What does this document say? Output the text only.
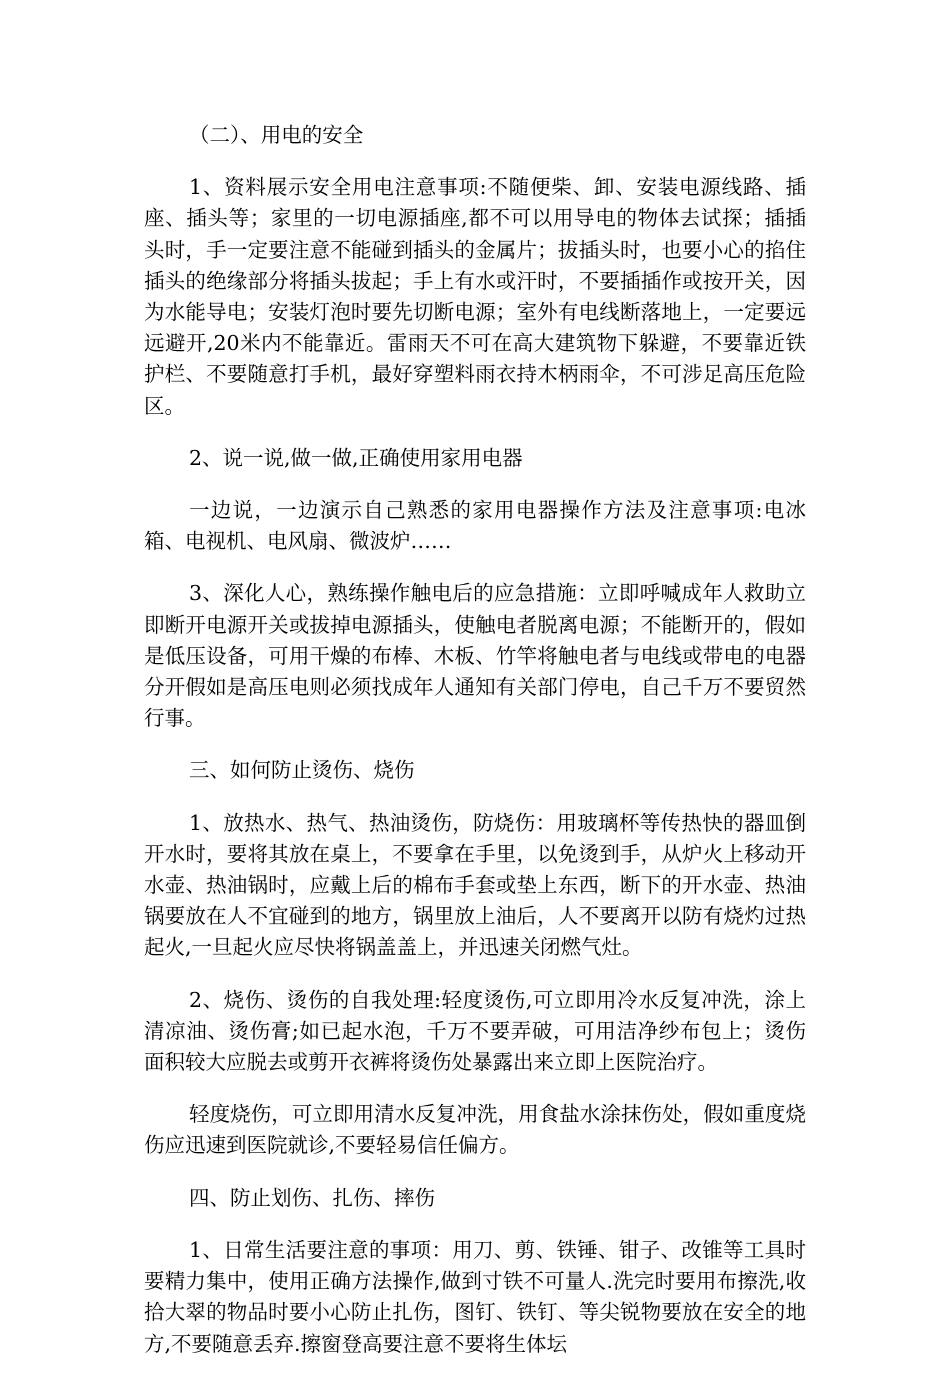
（二）、用电的安全

1、资料展示安全用电注意事项:不随便柴、卸、安装电源线路、插座、插头等；家里的一切电源插座,都不可以用导电的物体去试探；插插头时，手一定要注意不能碰到插头的金属片；拔插头时，也要小心的掐住插头的绝缘部分将插头拔起；手上有水或汗时，不要插插作或按开关，因为水能导电；安装灯泡时要先切断电源；室外有电线断落地上，一定要远远避开,20米内不能靠近。雷雨天不可在高大建筑物下躲避，不要靠近铁护栏、不要随意打手机，最好穿塑料雨衣持木柄雨伞，不可涉足高压危险区。

2、说一说,做一做,正确使用家用电器

一边说，一边演示自己熟悉的家用电器操作方法及注意事项:电冰箱、电视机、电风扇、微波炉……

3、深化人心，熟练操作触电后的应急措施：立即呼喊成年人救助立即断开电源开关或拔掉电源插头，使触电者脱离电源；不能断开的，假如是低压设备，可用干燥的布棒、木板、竹竿将触电者与电线或带电的电器分开假如是高压电则必须找成年人通知有关部门停电，自己千万不要贸然行事。

三、如何防止烫伤、烧伤

1、放热水、热气、热油烫伤，防烧伤：用玻璃杯等传热快的器皿倒开水时，要将其放在桌上，不要拿在手里，以免烫到手，从炉火上移动开水壶、热油锅时，应戴上后的棉布手套或垫上东西，断下的开水壶、热油锅要放在人不宜碰到的地方，锅里放上油后，人不要离开以防有烧灼过热起火,一旦起火应尽快将锅盖盖上，并迅速关闭燃气灶。

2、烧伤、烫伤的自我处理:轻度烫伤,可立即用冷水反复冲洗，涂上清凉油、烫伤膏;如已起水泡，千万不要弄破，可用洁净纱布包上；烫伤面积较大应脱去或剪开衣裤将烫伤处暴露出来立即上医院治疗。

轻度烧伤，可立即用清水反复冲洗，用食盐水涂抹伤处，假如重度烧伤应迅速到医院就诊,不要轻易信任偏方。

四、防止划伤、扎伤、摔伤

1、日常生活要注意的事项：用刀、剪、铁锤、钳子、改锥等工具时要精力集中，使用正确方法操作,做到寸铁不可量人.洗完时要用布擦洗,收拾大翠的物品时要小心防止扎伤，图钉、铁钉、等尖锐物要放在安全的地方,不要随意丢弃.擦窗登高要注意不要将生体坛
